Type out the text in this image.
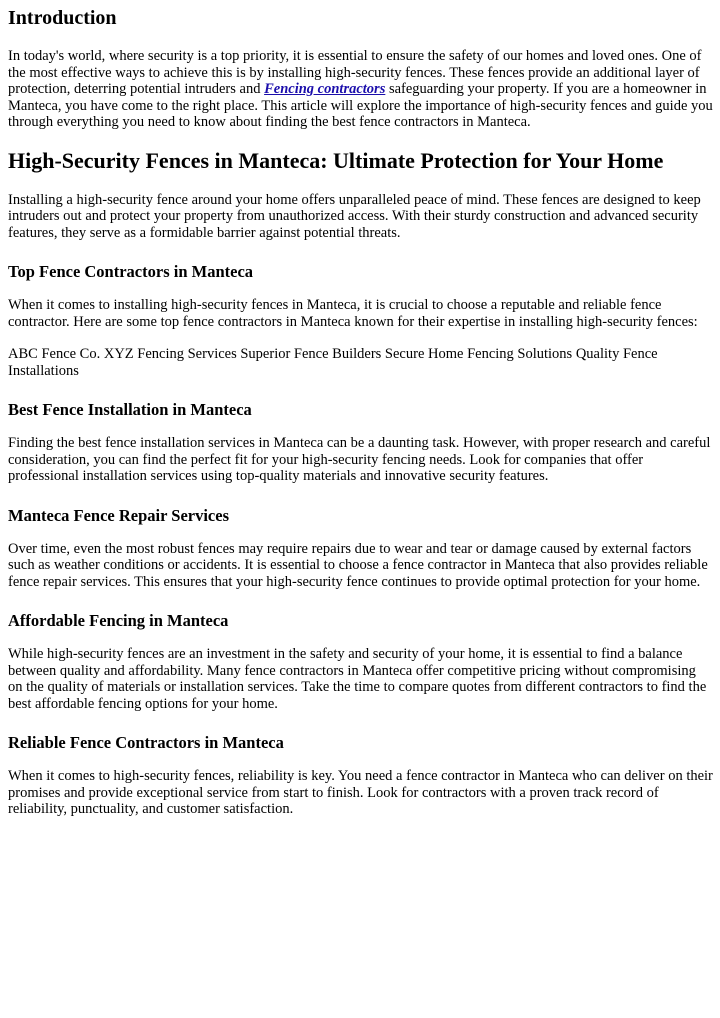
Introduction

In today's world, where security is a top priority, it is essential to ensure the safety of our homes and loved ones. One of the most effective ways to achieve this is by installing high-security fences. These fences provide an additional layer of protection, deterring potential intruders and Fencing contractors safeguarding your property. If you are a homeowner in Manteca, you have come to the right place. This article will explore the importance of high-security fences and guide you through everything you need to know about finding the best fence contractors in Manteca.

High-Security Fences in Manteca: Ultimate Protection for Your Home

Installing a high-security fence around your home offers unparalleled peace of mind. These fences are designed to keep intruders out and protect your property from unauthorized access. With their sturdy construction and advanced security features, they serve as a formidable barrier against potential threats.

Top Fence Contractors in Manteca

When it comes to installing high-security fences in Manteca, it is crucial to choose a reputable and reliable fence contractor. Here are some top fence contractors in Manteca known for their expertise in installing high-security fences:

ABC Fence Co. XYZ Fencing Services Superior Fence Builders Secure Home Fencing Solutions Quality Fence Installations

Best Fence Installation in Manteca

Finding the best fence installation services in Manteca can be a daunting task. However, with proper research and careful consideration, you can find the perfect fit for your high-security fencing needs. Look for companies that offer professional installation services using top-quality materials and innovative security features.

Manteca Fence Repair Services

Over time, even the most robust fences may require repairs due to wear and tear or damage caused by external factors such as weather conditions or accidents. It is essential to choose a fence contractor in Manteca that also provides reliable fence repair services. This ensures that your high-security fence continues to provide optimal protection for your home.

Affordable Fencing in Manteca

While high-security fences are an investment in the safety and security of your home, it is essential to find a balance between quality and affordability. Many fence contractors in Manteca offer competitive pricing without compromising on the quality of materials or installation services. Take the time to compare quotes from different contractors to find the best affordable fencing options for your home.

Reliable Fence Contractors in Manteca

When it comes to high-security fences, reliability is key. You need a fence contractor in Manteca who can deliver on their promises and provide exceptional service from start to finish. Look for contractors with a proven track record of reliability, punctuality, and customer satisfaction.
